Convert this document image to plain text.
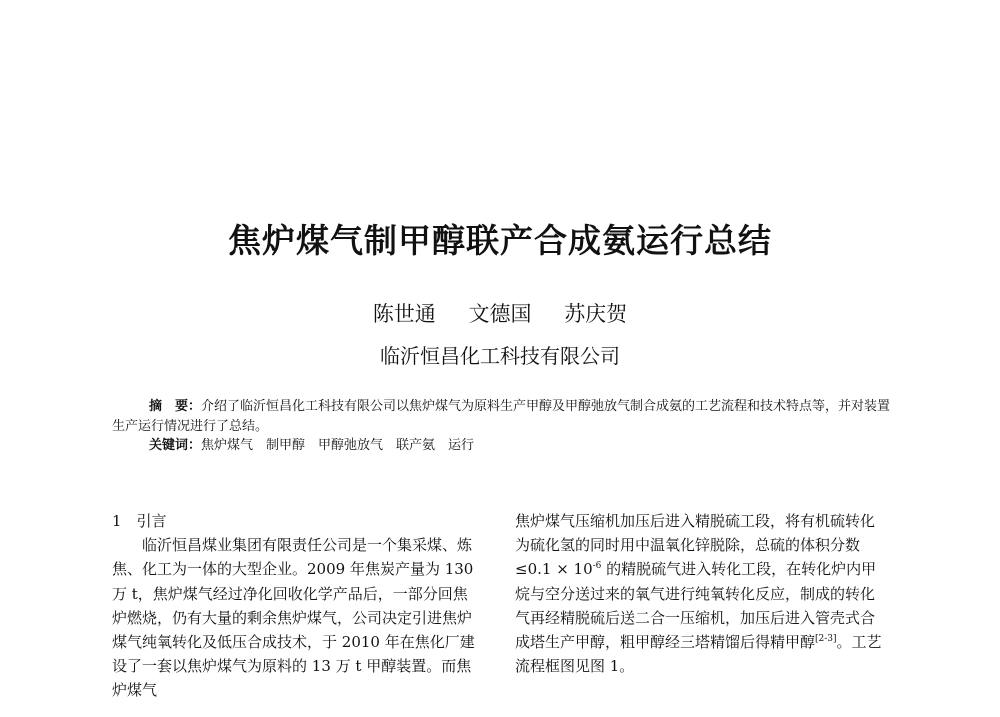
焦炉煤气制甲醇联产合成氨运行总结
陈世通 文德国 苏庆贺
临沂恒昌化工科技有限公司

摘　要：介绍了临沂恒昌化工科技有限公司以焦炉煤气为原料生产甲醇及甲醇弛放气制合成氨的工艺流程和技术特点等，并对装置生产运行情况进行了总结。

关键词：焦炉煤气　制甲醇　甲醇弛放气　联产氨　运行

1　引言

临沂恒昌煤业集团有限责任公司是一个集采煤、炼焦、化工为一体的大型企业。2009 年焦炭产量为 130 万 t，焦炉煤气经过净化回收化学产品后，一部分回焦炉燃烧，仍有大量的剩余焦炉煤气，公司决定引进焦炉煤气纯氧转化及低压合成技术，于 2010 年在焦化厂建设了一套以焦炉煤气为原料的 13 万 t 甲醇装置。而焦炉煤气

焦炉煤气压缩机加压后进入精脱硫工段，将有机硫转化为硫化氢的同时用中温氧化锌脱除，总硫的体积分数$\le 0.1 \times 10^{-6}$ 的精脱硫气进入转化工段，在转化炉内甲烷与空分送过来的氧气进行纯氧转化反应，制成的转化气再经精脱硫后送二合一压缩机，加压后进入管壳式合成塔生产甲醇，粗甲醇经三塔精馏后得精甲醇[2-3]。工艺流程框图见图 1。
